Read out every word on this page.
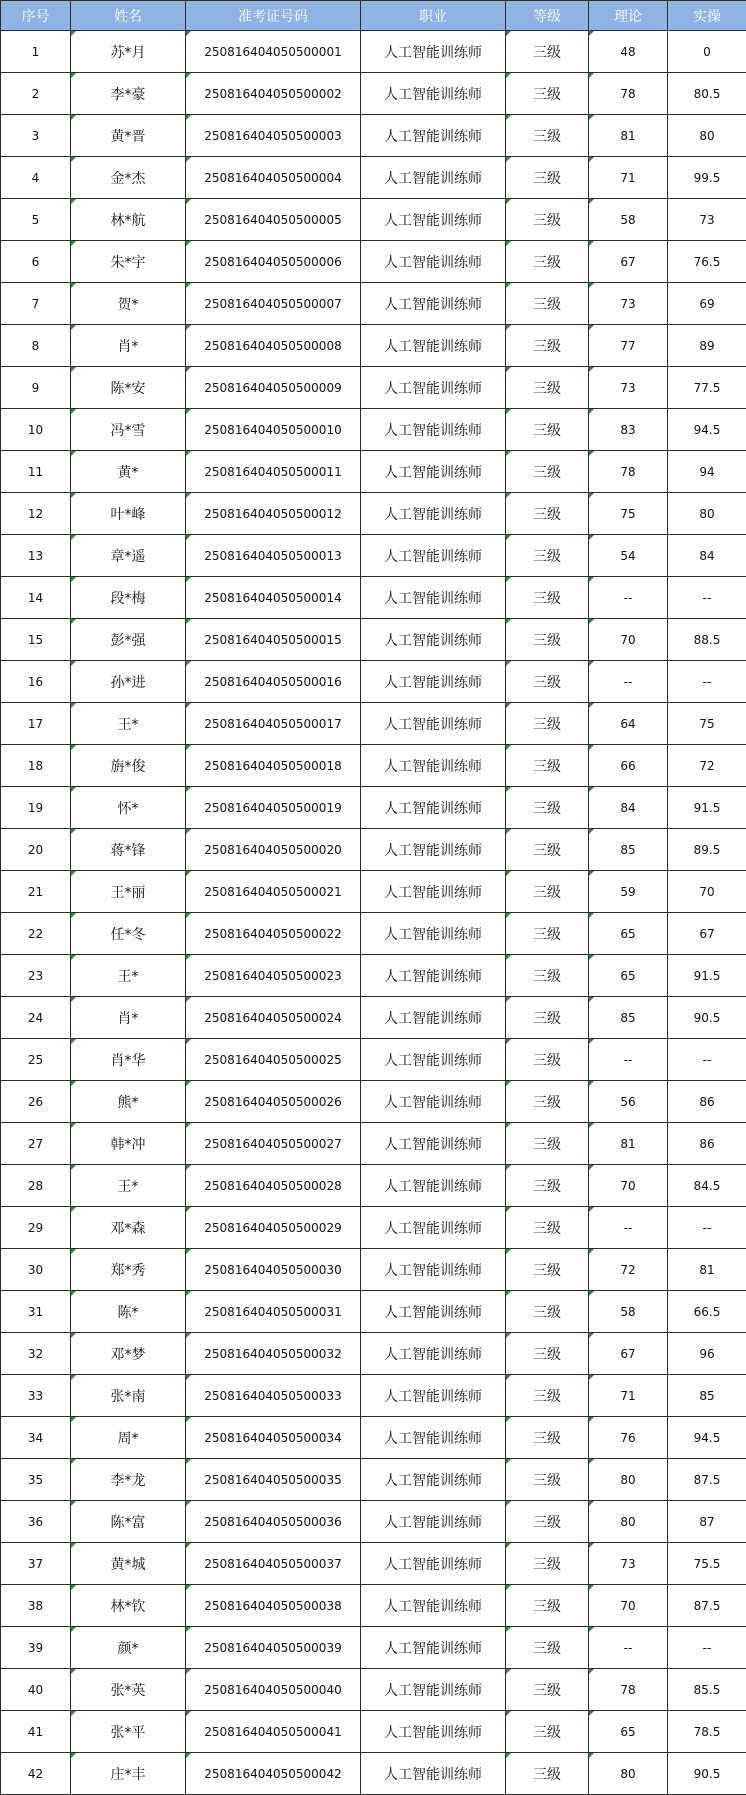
序号	姓名	准考证号码	职业	等级	理论	实操
1	苏*月	250816404050500001	人工智能训练师	三级	48	0
2	李*豪	250816404050500002	人工智能训练师	三级	78	80.5
3	黄*晋	250816404050500003	人工智能训练师	三级	81	80
4	金*杰	250816404050500004	人工智能训练师	三级	71	99.5
5	林*航	250816404050500005	人工智能训练师	三级	58	73
6	朱*宇	250816404050500006	人工智能训练师	三级	67	76.5
7	贺*	250816404050500007	人工智能训练师	三级	73	69
8	肖*	250816404050500008	人工智能训练师	三级	77	89
9	陈*安	250816404050500009	人工智能训练师	三级	73	77.5
10	冯*雪	250816404050500010	人工智能训练师	三级	83	94.5
11	黄*	250816404050500011	人工智能训练师	三级	78	94
12	叶*峰	250816404050500012	人工智能训练师	三级	75	80
13	章*遥	250816404050500013	人工智能训练师	三级	54	84
14	段*梅	250816404050500014	人工智能训练师	三级	--	--
15	彭*强	250816404050500015	人工智能训练师	三级	70	88.5
16	孙*进	250816404050500016	人工智能训练师	三级	--	--
17	王*	250816404050500017	人工智能训练师	三级	64	75
18	旃*俊	250816404050500018	人工智能训练师	三级	66	72
19	怀*	250816404050500019	人工智能训练师	三级	84	91.5
20	蒋*锋	250816404050500020	人工智能训练师	三级	85	89.5
21	王*丽	250816404050500021	人工智能训练师	三级	59	70
22	任*冬	250816404050500022	人工智能训练师	三级	65	67
23	王*	250816404050500023	人工智能训练师	三级	65	91.5
24	肖*	250816404050500024	人工智能训练师	三级	85	90.5
25	肖*华	250816404050500025	人工智能训练师	三级	--	--
26	熊*	250816404050500026	人工智能训练师	三级	56	86
27	韩*冲	250816404050500027	人工智能训练师	三级	81	86
28	王*	250816404050500028	人工智能训练师	三级	70	84.5
29	邓*森	250816404050500029	人工智能训练师	三级	--	--
30	郑*秀	250816404050500030	人工智能训练师	三级	72	81
31	陈*	250816404050500031	人工智能训练师	三级	58	66.5
32	邓*梦	250816404050500032	人工智能训练师	三级	67	96
33	张*南	250816404050500033	人工智能训练师	三级	71	85
34	周*	250816404050500034	人工智能训练师	三级	76	94.5
35	李*龙	250816404050500035	人工智能训练师	三级	80	87.5
36	陈*富	250816404050500036	人工智能训练师	三级	80	87
37	黄*城	250816404050500037	人工智能训练师	三级	73	75.5
38	林*钦	250816404050500038	人工智能训练师	三级	70	87.5
39	颜*	250816404050500039	人工智能训练师	三级	--	--
40	张*英	250816404050500040	人工智能训练师	三级	78	85.5
41	张*平	250816404050500041	人工智能训练师	三级	65	78.5
42	庄*丰	250816404050500042	人工智能训练师	三级	80	90.5
